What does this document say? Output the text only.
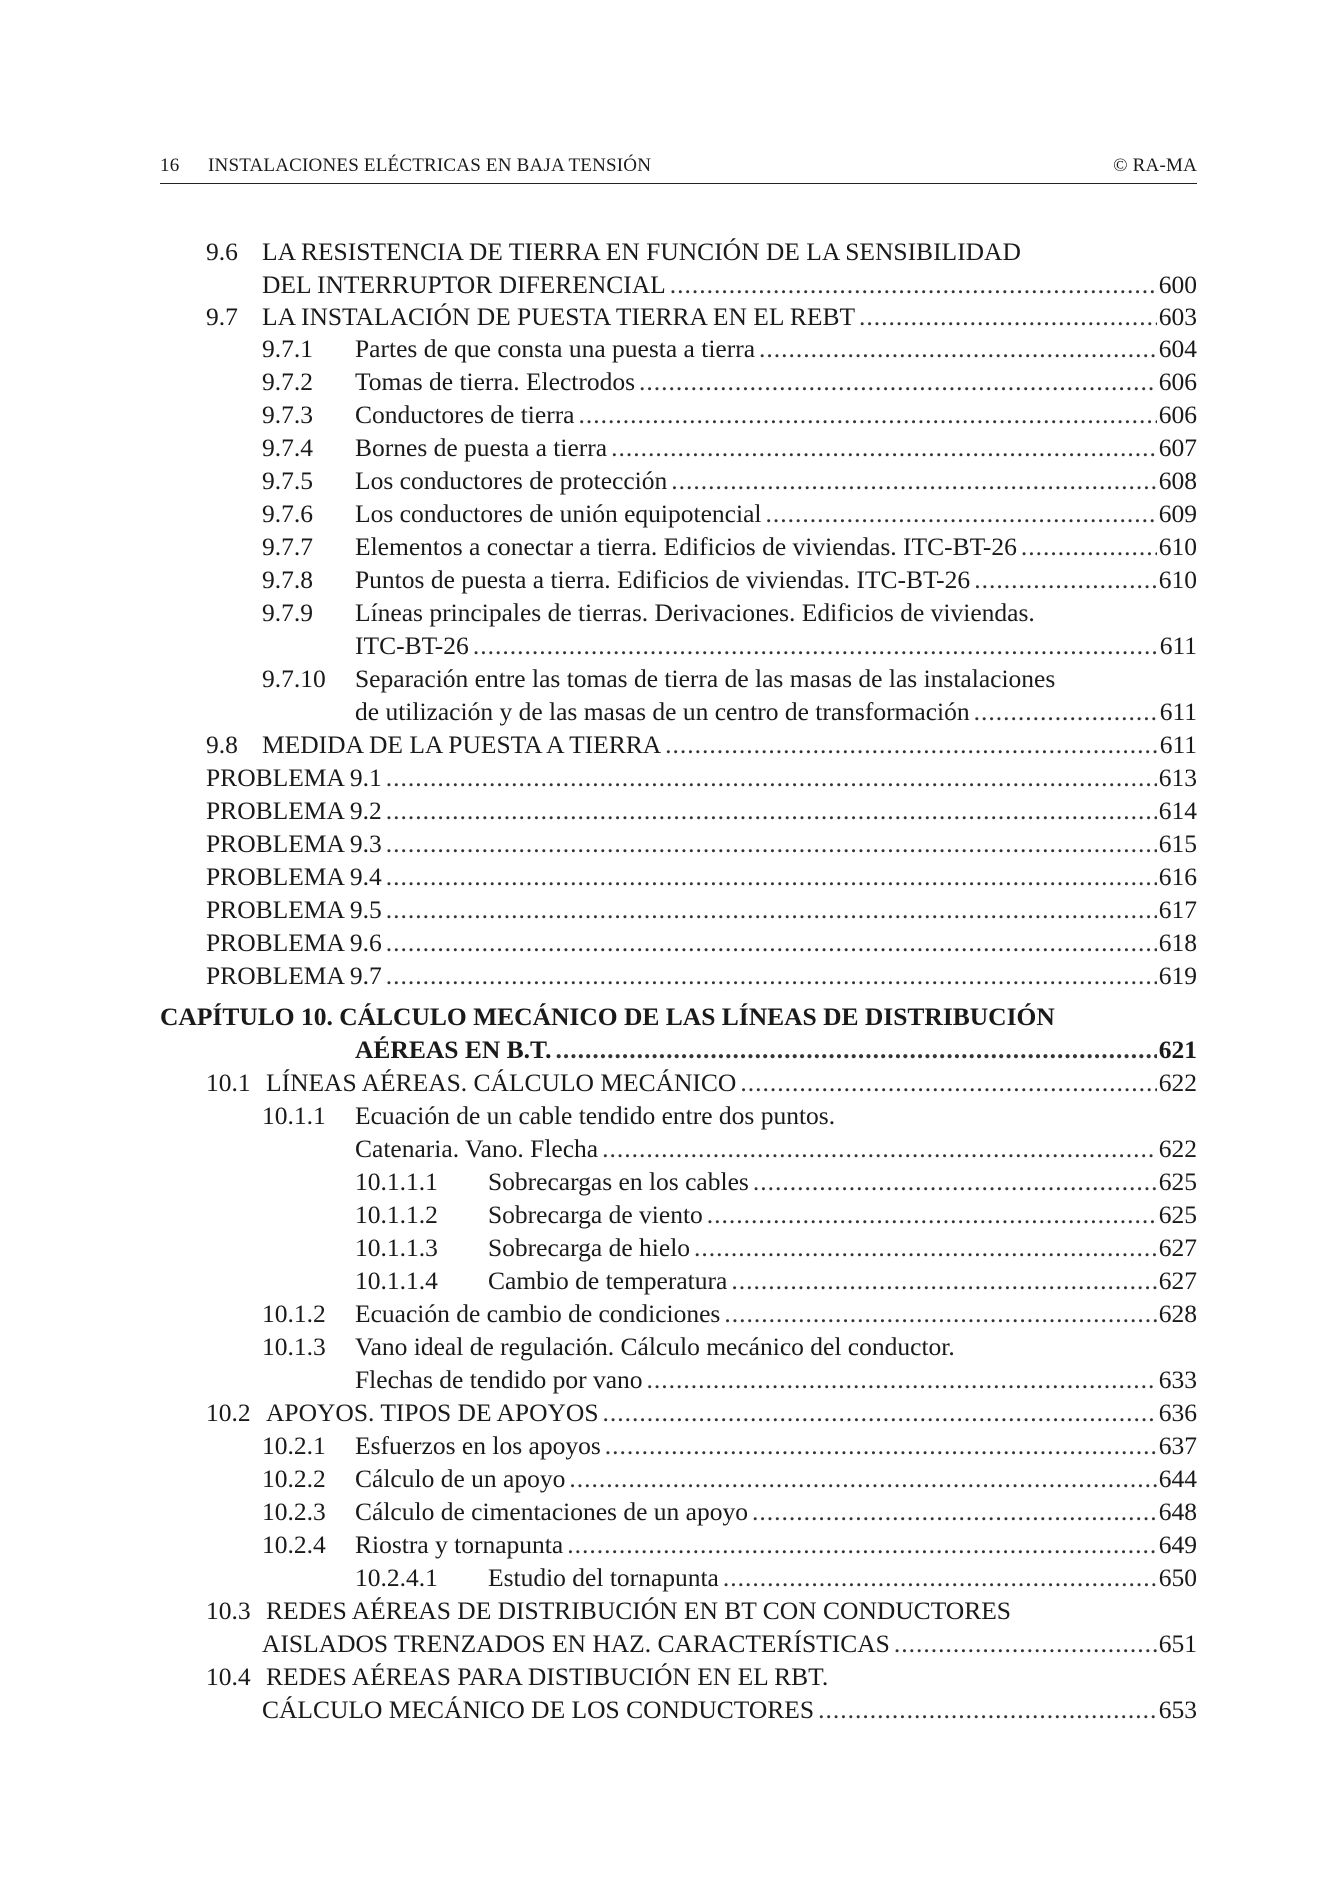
16 INSTALACIONES ELÉCTRICAS EN BAJA TENSIÓN	© RA-MA
9.6 LA RESISTENCIA DE TIERRA EN FUNCIÓN DE LA SENSIBILIDAD
DEL INTERRUPTOR DIFERENCIAL	600
.....
9.7 LA INSTALACIÓN DE PUESTA TIERRA EN EL REBT	603
.....
9.7.1 Partes de que consta una puesta a tierra	604
.....
9.7.2 Tomas de tierra. Electrodos	606
.....
9.7.3 Conductores de tierra	606
.....
9.7.4 Bornes de puesta a tierra	607
.....
9.7.5 Los conductores de protección	608
.....
9.7.6 Los conductores de unión equipotencial	609
.....
9.7.7 Elementos a conectar a tierra. Edificios de viviendas. ITC-BT-26	610
.....
9.7.8 Puntos de puesta a tierra. Edificios de viviendas. ITC-BT-26	610
.....
9.7.9 Líneas principales de tierras. Derivaciones. Edificios de viviendas.
ITC-BT-26	611
.....
9.7.10 Separación entre las tomas de tierra de las masas de las instalaciones
de utilización y de las masas de un centro de transformación	611
.....
9.8 MEDIDA DE LA PUESTA A TIERRA	611
.....
PROBLEMA 9.1	613
.....
PROBLEMA 9.2	614
.....
PROBLEMA 9.3	615
.....
PROBLEMA 9.4	616
.....
PROBLEMA 9.5	617
.....
PROBLEMA 9.6	618
.....
PROBLEMA 9.7	619
.....
CAPÍTULO 10. CÁLCULO MECÁNICO DE LAS LÍNEAS DE DISTRIBUCIÓN
AÉREAS EN B.T.	621
.....
10.1 LÍNEAS AÉREAS. CÁLCULO MECÁNICO	622
.....
10.1.1 Ecuación de un cable tendido entre dos puntos.
Catenaria. Vano. Flecha	622
.....
10.1.1.1 Sobrecargas en los cables	625
.....
10.1.1.2 Sobrecarga de viento	625
.....
10.1.1.3 Sobrecarga de hielo	627
.....
10.1.1.4 Cambio de temperatura	627
.....
10.1.2 Ecuación de cambio de condiciones	628
.....
10.1.3 Vano ideal de regulación. Cálculo mecánico del conductor.
Flechas de tendido por vano	633
.....
10.2 APOYOS. TIPOS DE APOYOS	636
.....
10.2.1 Esfuerzos en los apoyos	637
.....
10.2.2 Cálculo de un apoyo	644
.....
10.2.3 Cálculo de cimentaciones de un apoyo	648
.....
10.2.4 Riostra y tornapunta	649
.....
10.2.4.1 Estudio del tornapunta	650
.....
10.3 REDES AÉREAS DE DISTRIBUCIÓN EN BT CON CONDUCTORES
AISLADOS TRENZADOS EN HAZ. CARACTERÍSTICAS	651
.....
10.4 REDES AÉREAS PARA DISTIBUCIÓN EN EL RBT.
CÁLCULO MECÁNICO DE LOS CONDUCTORES	653
.....
